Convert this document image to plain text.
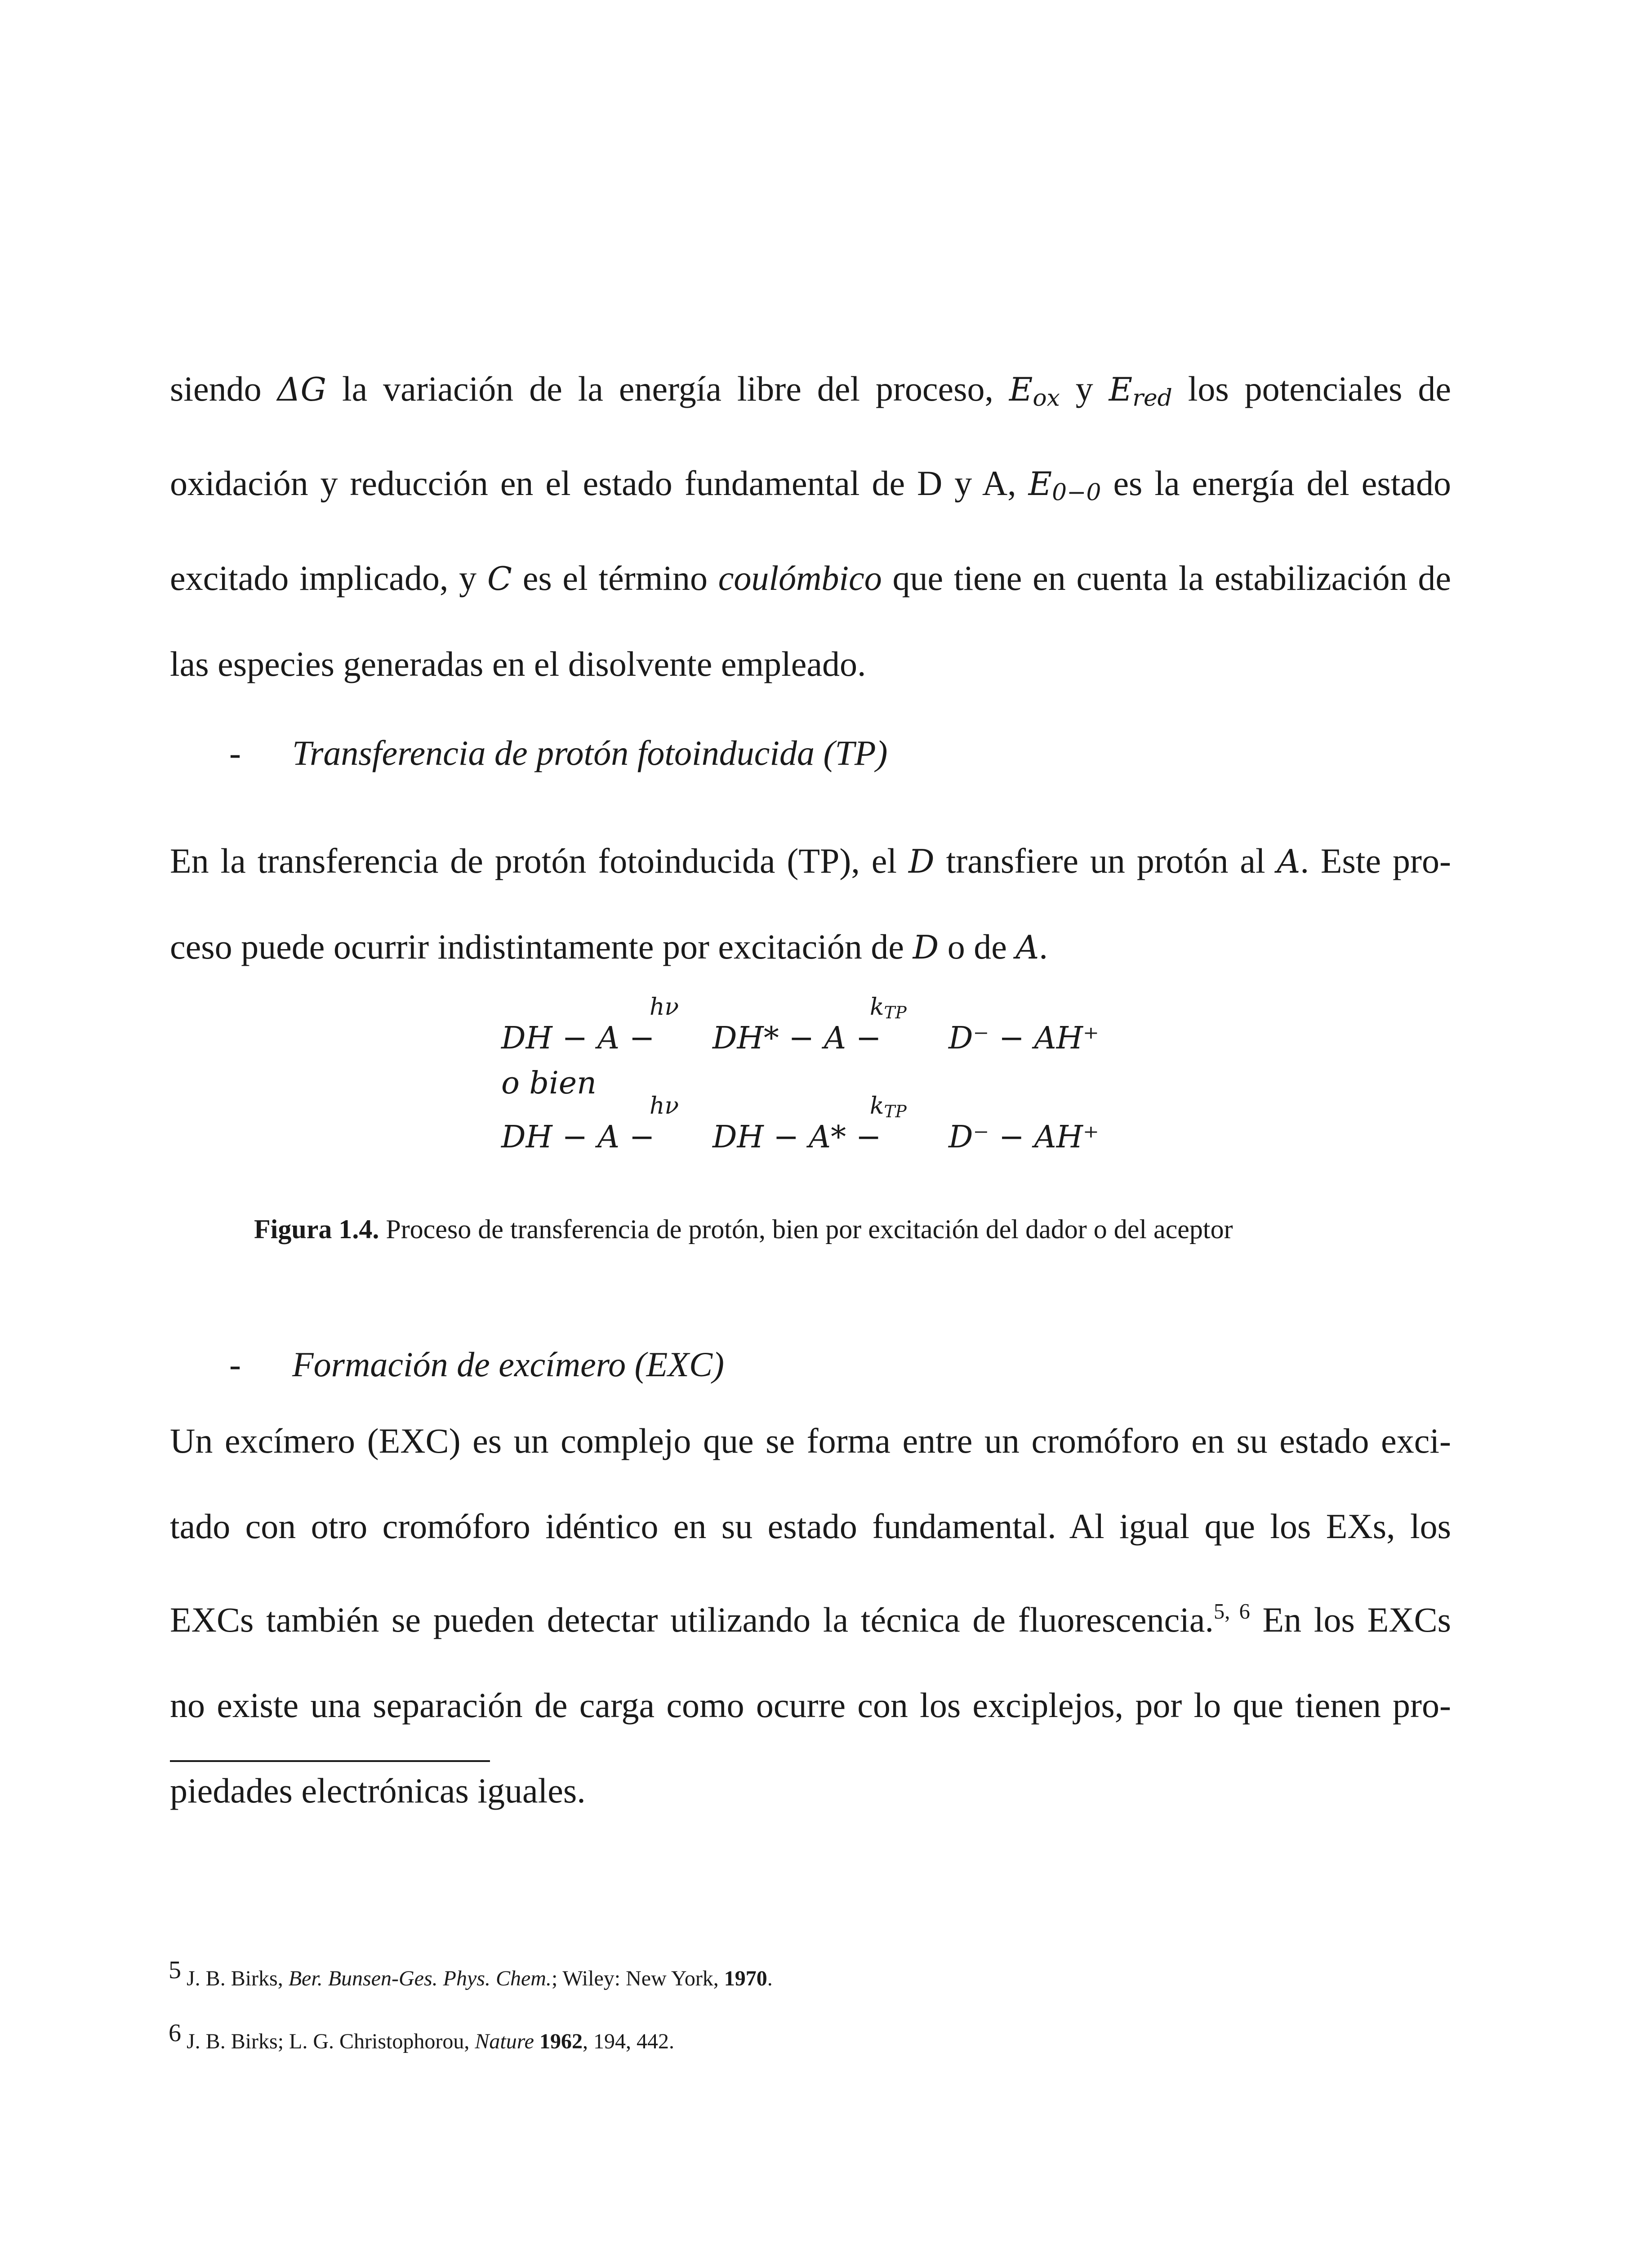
siendo ΔG la variación de la energía libre del proceso, $E_{ox}$ y $E_{red}$ los potenciales de
oxidación y reducción en el estado fundamental de D y A, $E_{0-0}$ es la energía del estado
excitado implicado, y C es el término coulómbico que tiene en cuenta la estabilización de
las especies generadas en el disolvente empleado.

- Transferencia de protón fotoinducida (TP)

En la transferencia de protón fotoinducida (TP), el D transfiere un protón al A. Este pro-
ceso puede ocurrir indistintamente por excitación de D o de A.

hν	$k_{TP}$
DH − A − DH* − A − D⁻ − AH⁺
o bien
hν	$k_{TP}$
DH − A − DH − A* − D⁻ − AH⁺

Figura 1.4. Proceso de transferencia de protón, bien por excitación del dador o del aceptor

- Formación de excímero (EXC)

Un excímero (EXC) es un complejo que se forma entre un cromóforo en su estado exci-
tado con otro cromóforo idéntico en su estado fundamental. Al igual que los EXs, los
EXCs también se pueden detectar utilizando la técnica de fluorescencia.$^{5, 6}$ En los EXCs
no existe una separación de carga como ocurre con los exciplejos, por lo que tienen pro-
piedades electrónicas iguales.

5 J. B. Birks, Ber. Bunsen-Ges. Phys. Chem.; Wiley: New York, 1970.

6 J. B. Birks; L. G. Christophorou, Nature 1962, 194, 442.
